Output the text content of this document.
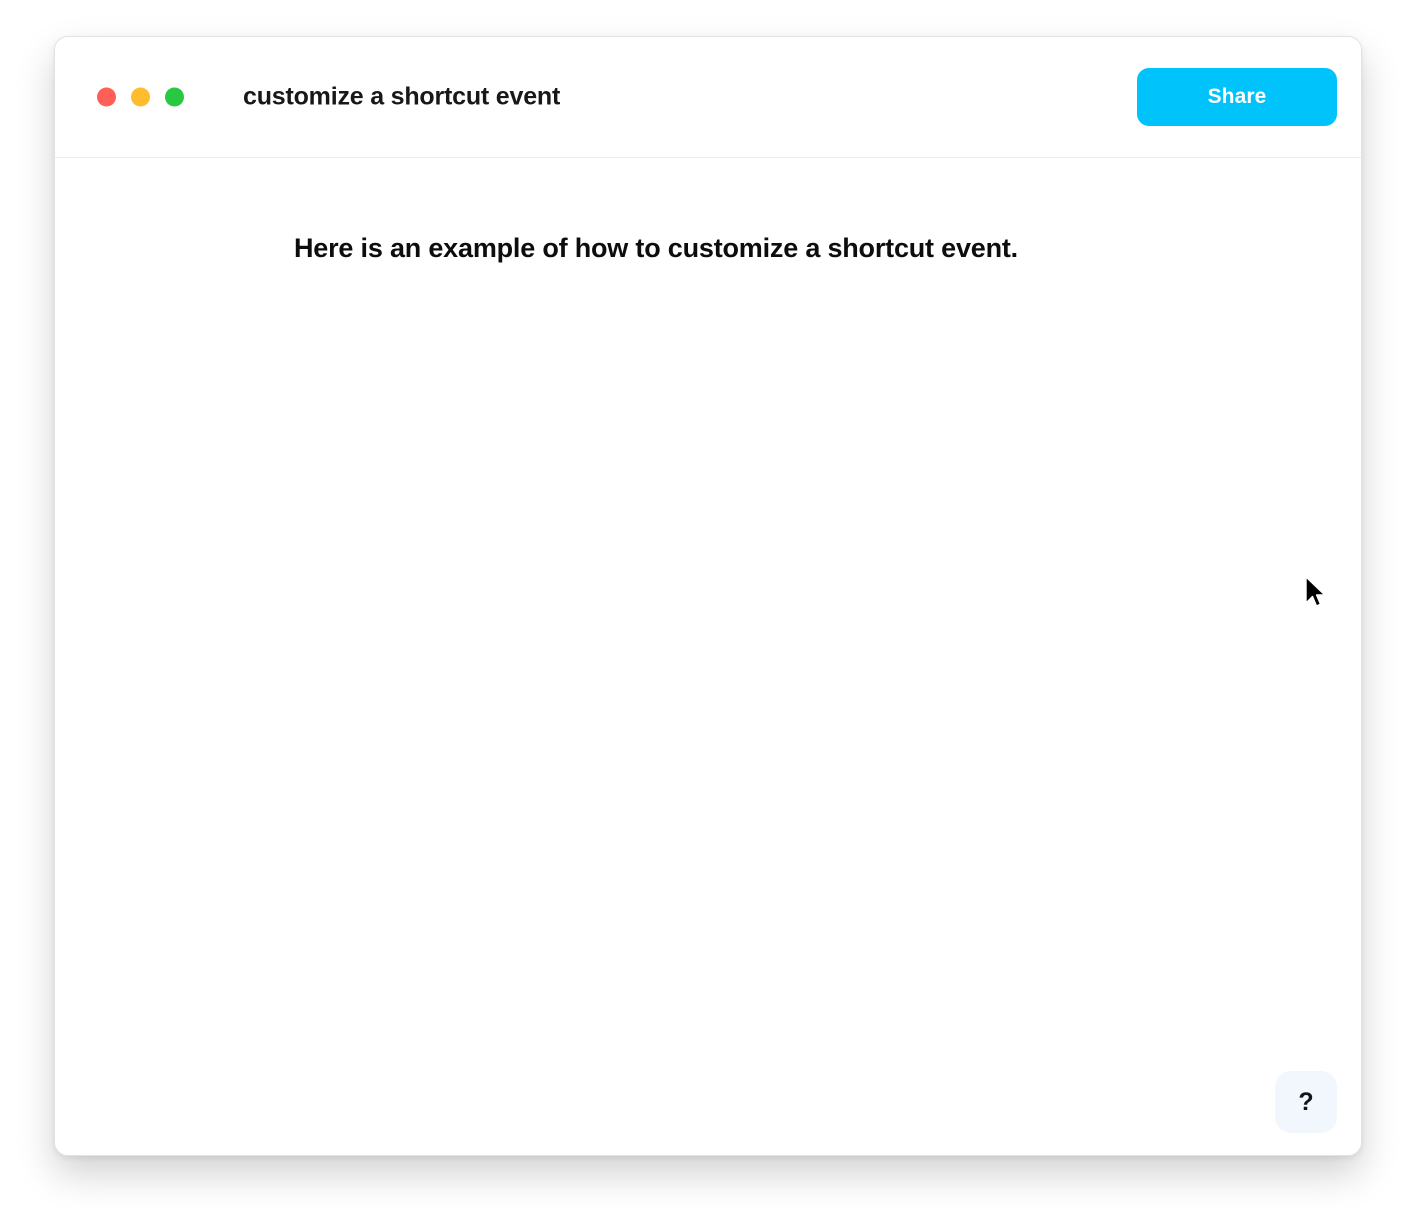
customize a shortcut event	Share
Here is an example of how to customize a shortcut event.
?
